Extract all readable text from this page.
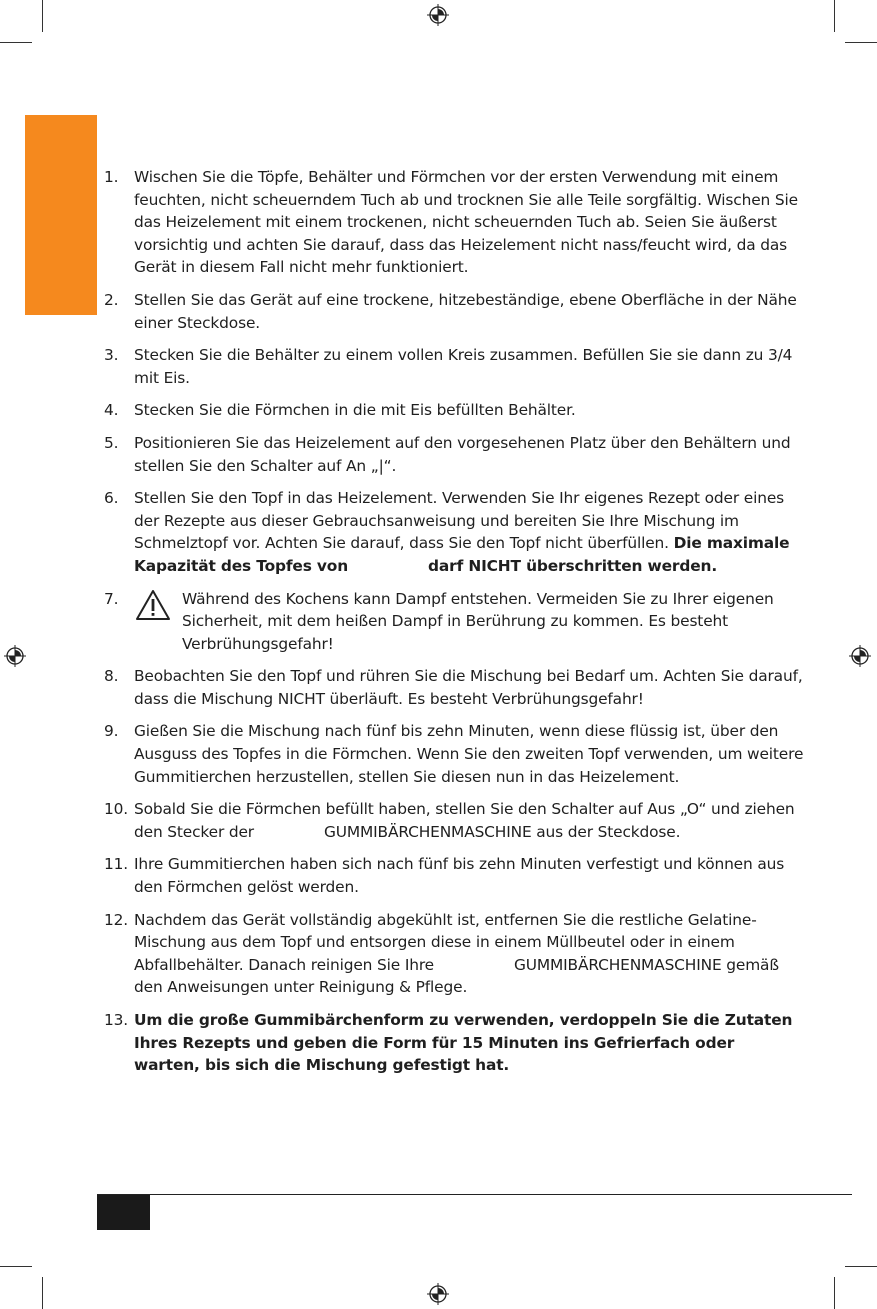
1. Wischen Sie die Töpfe, Behälter und Förmchen vor der ersten Verwendung mit einem feuchten, nicht scheuerndem Tuch ab und trocknen Sie alle Teile sorgfältig. Wischen Sie das Heizelement mit einem trockenen, nicht scheuernden Tuch ab. Seien Sie äußerst vorsichtig und achten Sie darauf, dass das Heizelement nicht nass/feucht wird, da das Gerät in diesem Fall nicht mehr funktioniert.
2. Stellen Sie das Gerät auf eine trockene, hitzebeständige, ebene Oberfläche in der Nähe einer Steckdose.
3. Stecken Sie die Behälter zu einem vollen Kreis zusammen. Befüllen Sie sie dann zu 3/4 mit Eis.
4. Stecken Sie die Förmchen in die mit Eis befüllten Behälter.
5. Positionieren Sie das Heizelement auf den vorgesehenen Platz über den Behältern und stellen Sie den Schalter auf An „|“.
6. Stellen Sie den Topf in das Heizelement. Verwenden Sie Ihr eigenes Rezept oder eines der Rezepte aus dieser Gebrauchsanweisung und bereiten Sie Ihre Mischung im Schmelztopf vor. Achten Sie darauf, dass Sie den Topf nicht überfüllen. Die maximale Kapazität des Topfes von	darf NICHT überschritten werden.
7.	Während des Kochens kann Dampf entstehen. Vermeiden Sie zu Ihrer eigenen Sicherheit, mit dem heißen Dampf in Berührung zu kommen. Es besteht Verbrühungsgefahr!
8. Beobachten Sie den Topf und rühren Sie die Mischung bei Bedarf um. Achten Sie darauf, dass die Mischung NICHT überläuft. Es besteht Verbrühungsgefahr!
9. Gießen Sie die Mischung nach fünf bis zehn Minuten, wenn diese flüssig ist, über den Ausguss des Topfes in die Förmchen. Wenn Sie den zweiten Topf verwenden, um weitere Gummitierchen herzustellen, stellen Sie diesen nun in das Heizelement.
10. Sobald Sie die Förmchen befüllt haben, stellen Sie den Schalter auf Aus „O“ und ziehen den Stecker der	GUMMIBÄRCHENMASCHINE aus der Steckdose.
11. Ihre Gummitierchen haben sich nach fünf bis zehn Minuten verfestigt und können aus den Förmchen gelöst werden.
12. Nachdem das Gerät vollständig abgekühlt ist, entfernen Sie die restliche Gelatine-Mischung aus dem Topf und entsorgen diese in einem Müllbeutel oder in einem Abfallbehälter. Danach reinigen Sie Ihre	GUMMIBÄRCHENMASCHINE gemäß den Anweisungen unter Reinigung & Pflege.
13. Um die große Gummibärchenform zu verwenden, verdoppeln Sie die Zutaten Ihres Rezepts und geben die Form für 15 Minuten ins Gefrierfach oder warten, bis sich die Mischung gefestigt hat.
